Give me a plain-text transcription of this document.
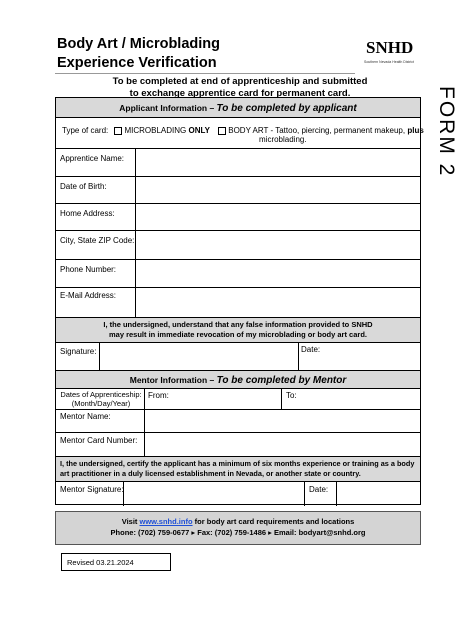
Body Art / Microblading
Experience Verification
SNHD
Southern Nevada Health District
To be completed at end of apprenticeship and submitted
to exchange apprentice card for permanent card.	FORM 2
Applicant Information – To be completed by applicant
Type of card: MICROBLADING ONLY BODY ART - Tattoo, piercing, permanent makeup, plus
microblading.
Apprentice Name:
Date of Birth:
Home Address:
City, State ZIP Code:
Phone Number:
E-Mail Address:
I, the undersigned, understand that any false information provided to SNHD
may result in immediate revocation of my microblading or body art card.
Signature:	Date:
Mentor Information – To be completed by Mentor
Dates of Apprenticeship:
(Month/Day/Year)
From:	To:
Mentor Name:
Mentor Card Number:
I, the undersigned, certify the applicant has a minimum of six months experience or training as a body
art practitioner in a duly licensed establishment in Nevada, or another state or country.
Mentor Signature:	Date:
Visit www.snhd.info for body art card requirements and locations
Phone: (702) 759-0677 ▸ Fax: (702) 759-1486 ▸ Email: bodyart@snhd.org
Revised 03.21.2024
